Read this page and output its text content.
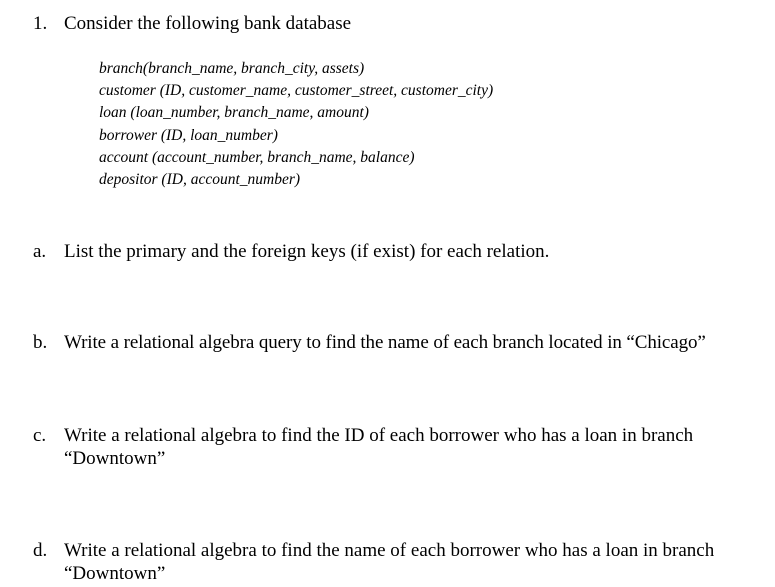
1. Consider the following bank database
branch(branch_name, branch_city, assets)
customer (ID, customer_name, customer_street, customer_city)
loan (loan_number, branch_name, amount)
borrower (ID, loan_number)
account (account_number, branch_name, balance)
depositor (ID, account_number)
a. List the primary and the foreign keys (if exist) for each relation.
b. Write a relational algebra query to find the name of each branch located in “Chicago”
c. Write a relational algebra to find the ID of each borrower who has a loan in branch
“Downtown”
d. Write a relational algebra to find the name of each borrower who has a loan in branch
“Downtown”
